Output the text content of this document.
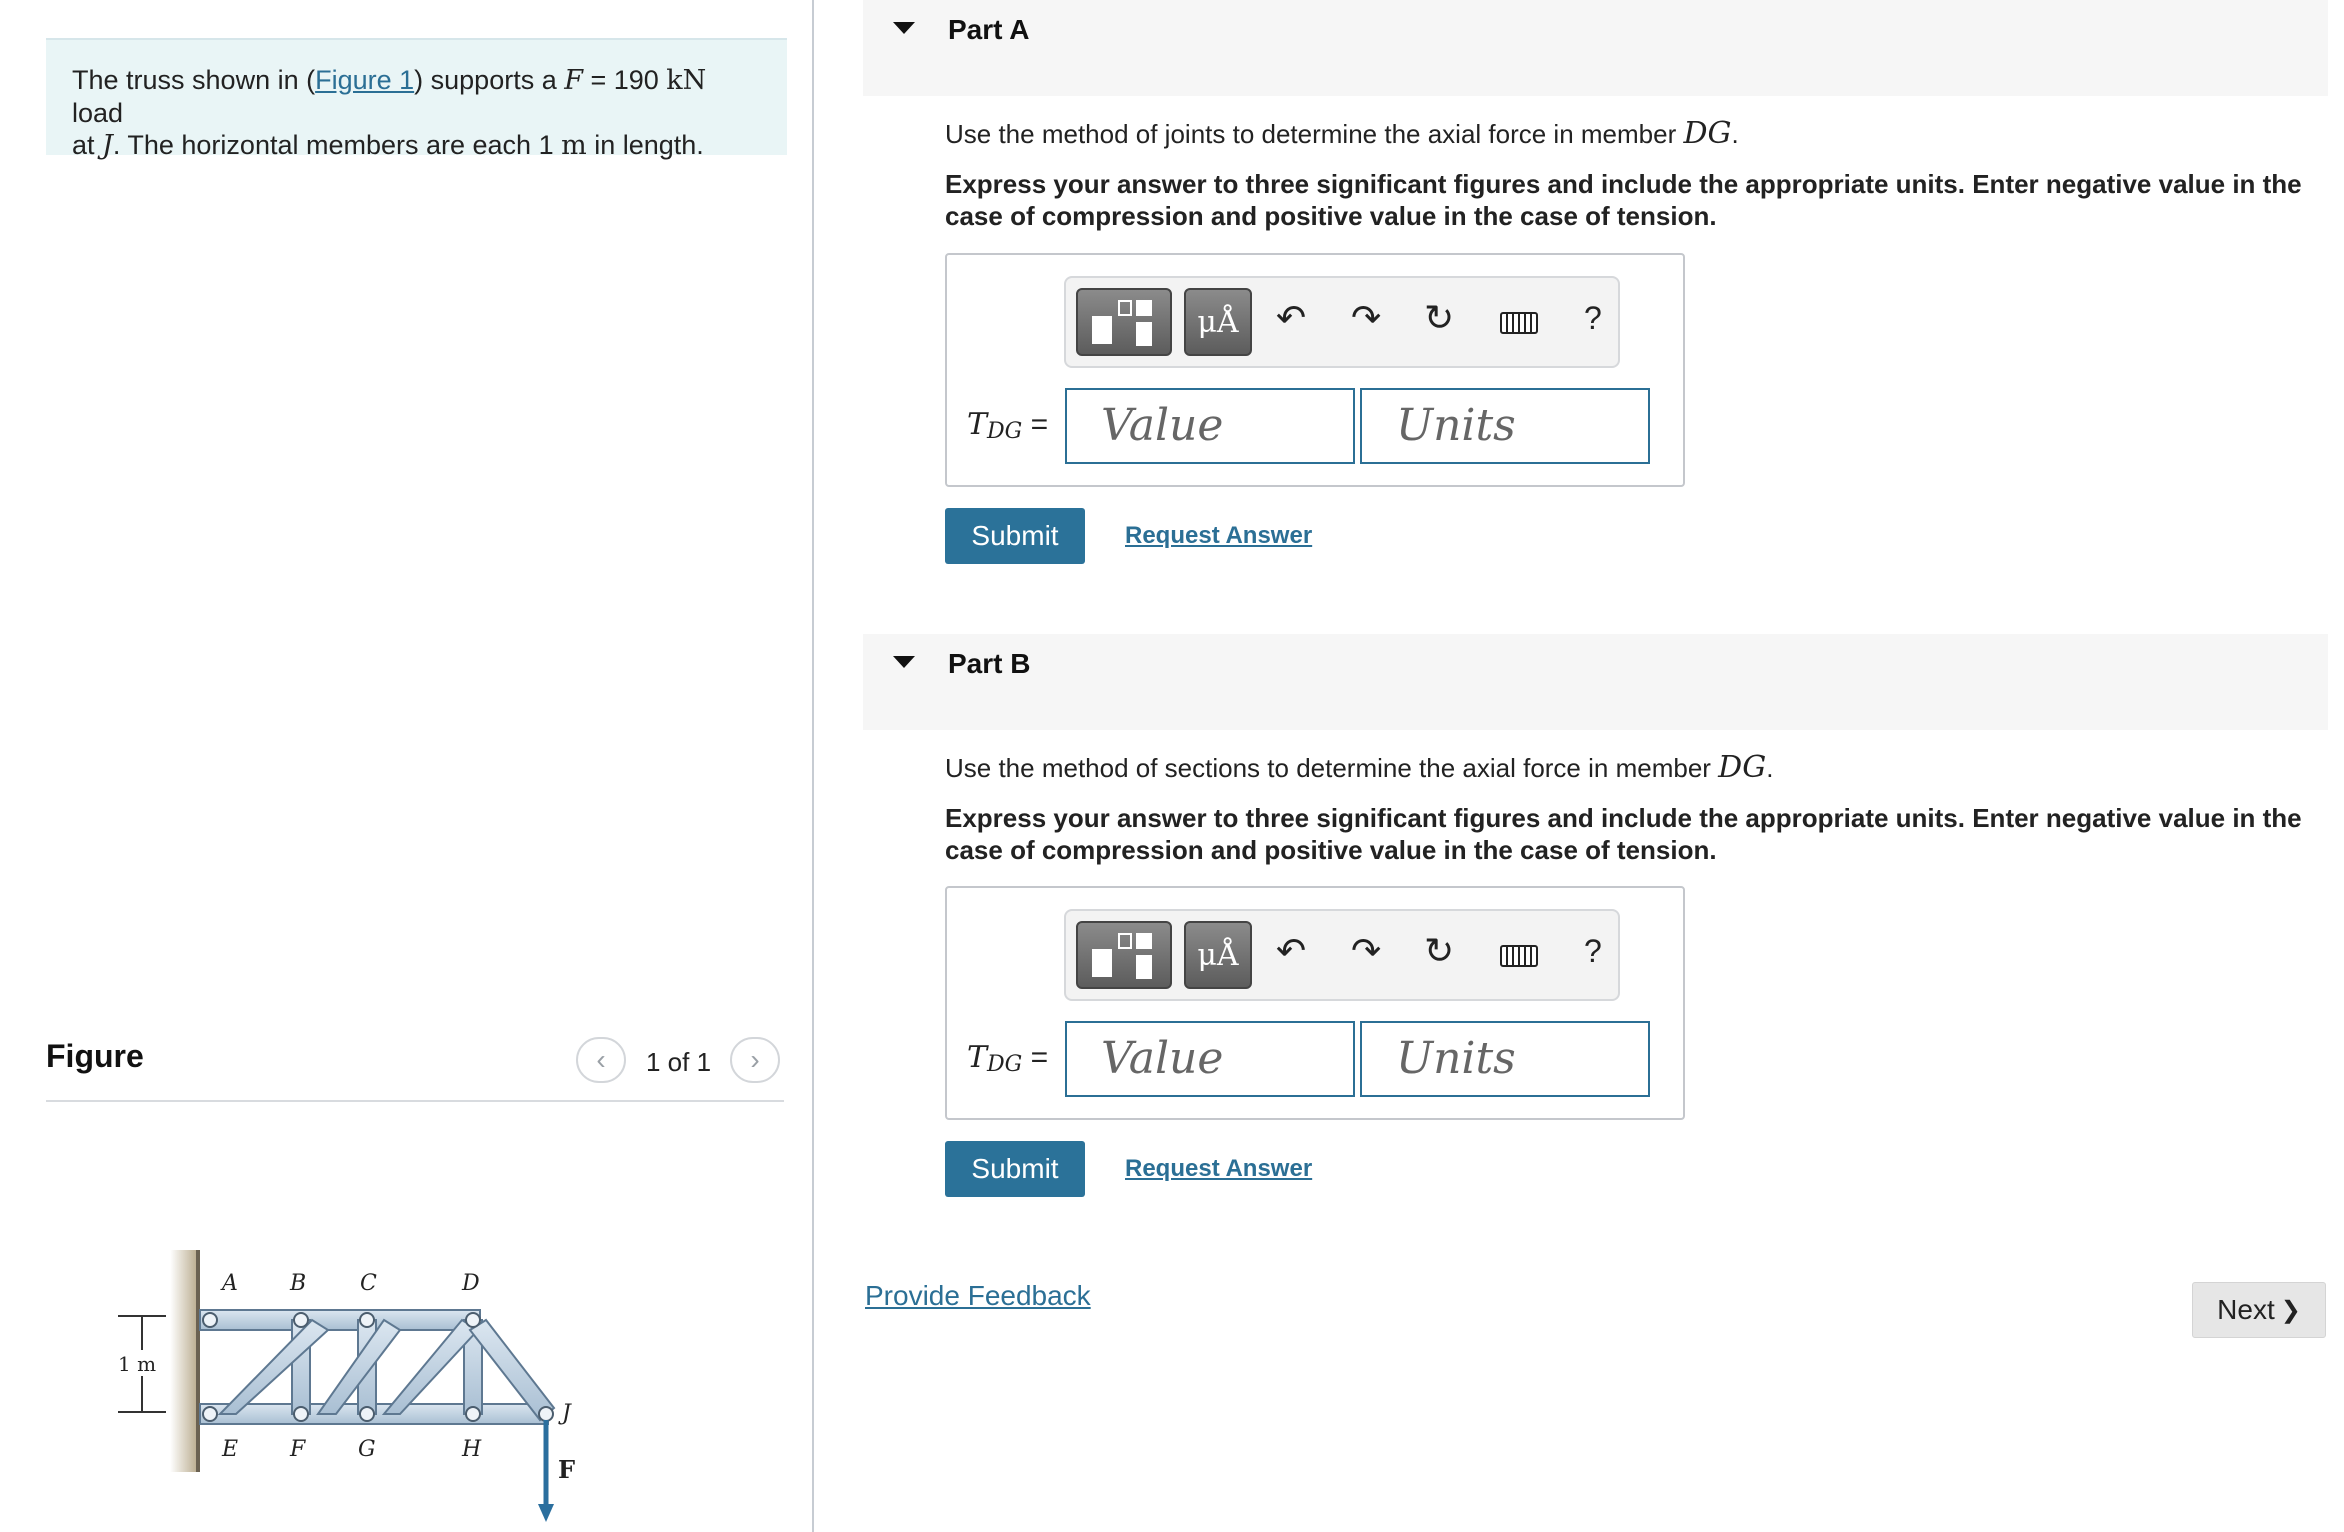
The truss shown in (Figure 1) supports a F = 190 kN load
at J. The horizontal members are each 1 m in length.
Figure	‹	1 of 1	›
1 m
A B C	D
E F G	H
J
F
Part A
Use the method of joints to determine the axial force in member DG.
Express your answer to three significant figures and include the appropriate units. Enter negative value in the case of compression and positive value in the case of tension.
μÅ	↶ ↷ ↻	?
$T_{DG}$ =	Value	Units
Submit	Request Answer
Part B
Use the method of sections to determine the axial force in member DG.
Express your answer to three significant figures and include the appropriate units. Enter negative value in the case of compression and positive value in the case of tension.
μÅ	↶ ↷ ↻	?
$T_{DG}$ =	Value	Units
Submit	Request Answer
Provide Feedback	Next ❯
